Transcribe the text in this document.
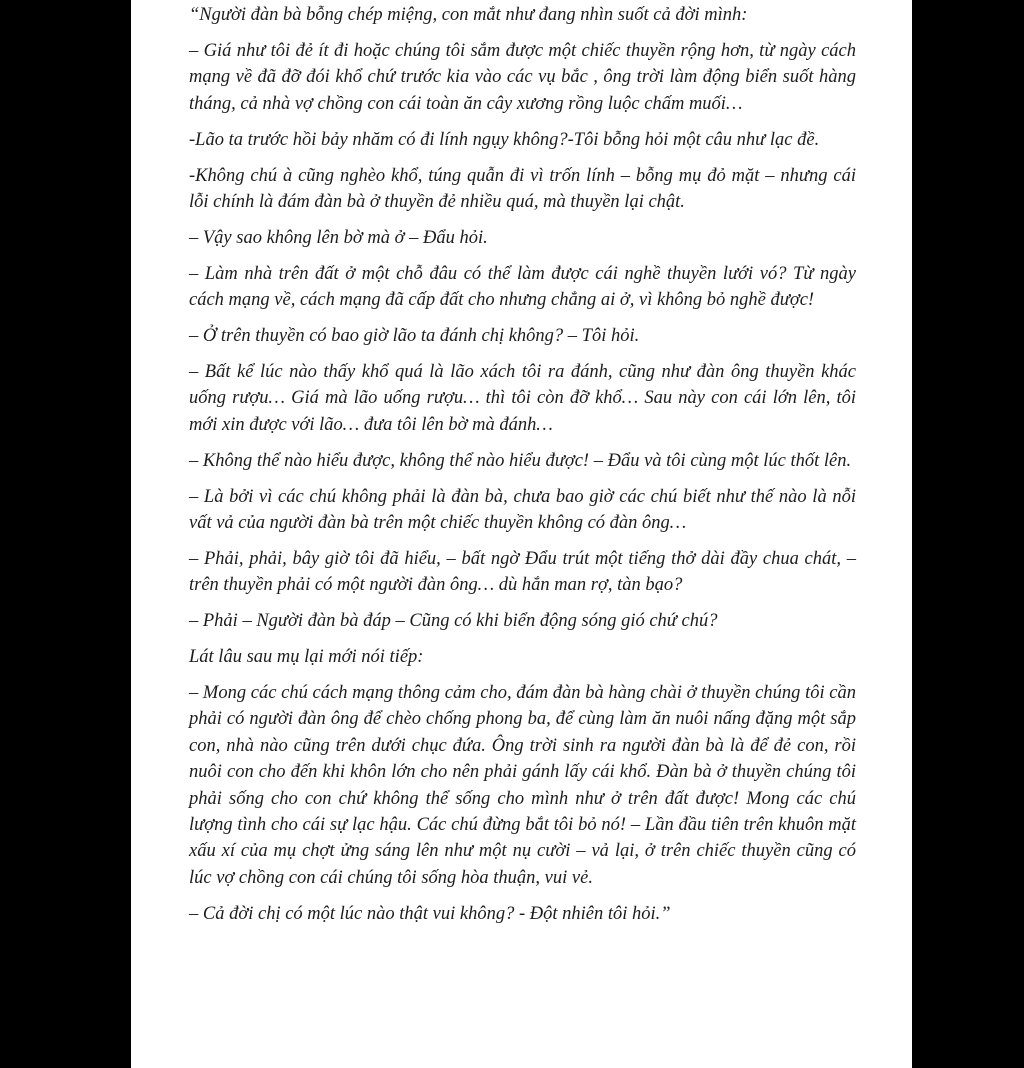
“Người đàn bà bỗng chép miệng, con mắt như đang nhìn suốt cả đời mình:

– Giá như tôi đẻ ít đi hoặc chúng tôi sắm được một chiếc thuyền rộng hơn, từ ngày cách mạng về đã đỡ đói khổ chứ trước kia vào các vụ bắc , ông trời làm động biển suốt hàng tháng, cả nhà vợ chồng con cái toàn ăn cây xương rồng luộc chấm muối…

-Lão ta trước hồi bảy nhăm có đi lính ngụy không?-Tôi bỗng hỏi một câu như lạc đề.

-Không chú à cũng nghèo khổ, túng quẫn đi vì trốn lính – bỗng mụ đỏ mặt – nhưng cái lỗi chính là đám đàn bà ở thuyền đẻ nhiều quá, mà thuyền lại chật.

– Vậy sao không lên bờ mà ở – Đẩu hỏi.

– Làm nhà trên đất ở một chỗ đâu có thể làm được cái nghề thuyền lưới vó? Từ ngày cách mạng về, cách mạng đã cấp đất cho nhưng chẳng ai ở, vì không bỏ nghề được!

– Ở trên thuyền có bao giờ lão ta đánh chị không? – Tôi hỏi.

– Bất kể lúc nào thấy khổ quá là lão xách tôi ra đánh, cũng như đàn ông thuyền khác uống rượu… Giá mà lão uống rượu… thì tôi còn đỡ khổ… Sau này con cái lớn lên, tôi mới xin được với lão… đưa tôi lên bờ mà đánh…

– Không thể nào hiểu được, không thể nào hiểu được! – Đẩu và tôi cùng một lúc thốt lên.

– Là bởi vì các chú không phải là đàn bà, chưa bao giờ các chú biết như thế nào là nỗi vất vả của người đàn bà trên một chiếc thuyền không có đàn ông…

– Phải, phải, bây giờ tôi đã hiểu, – bất ngờ Đẩu trút một tiếng thở dài đầy chua chát, – trên thuyền phải có một người đàn ông… dù hắn man rợ, tàn bạo?

– Phải – Người đàn bà đáp – Cũng có khi biển động sóng gió chứ chú?

Lát lâu sau mụ lại mới nói tiếp:

– Mong các chú cách mạng thông cảm cho, đám đàn bà hàng chài ở thuyền chúng tôi cần phải có người đàn ông để chèo chống phong ba, để cùng làm ăn nuôi nấng đặng một sắp con, nhà nào cũng trên dưới chục đứa. Ông trời sinh ra người đàn bà là để đẻ con, rồi nuôi con cho đến khi khôn lớn cho nên phải gánh lấy cái khổ. Đàn bà ở thuyền chúng tôi phải sống cho con chứ không thể sống cho mình như ở trên đất được! Mong các chú lượng tình cho cái sự lạc hậu. Các chú đừng bắt tôi bỏ nó! – Lần đầu tiên trên khuôn mặt xấu xí của mụ chợt ửng sáng lên như một nụ cười – vả lại, ở trên chiếc thuyền cũng có lúc vợ chồng con cái chúng tôi sống hòa thuận, vui vẻ.

– Cả đời chị có một lúc nào thật vui không? - Đột nhiên tôi hỏi.”
